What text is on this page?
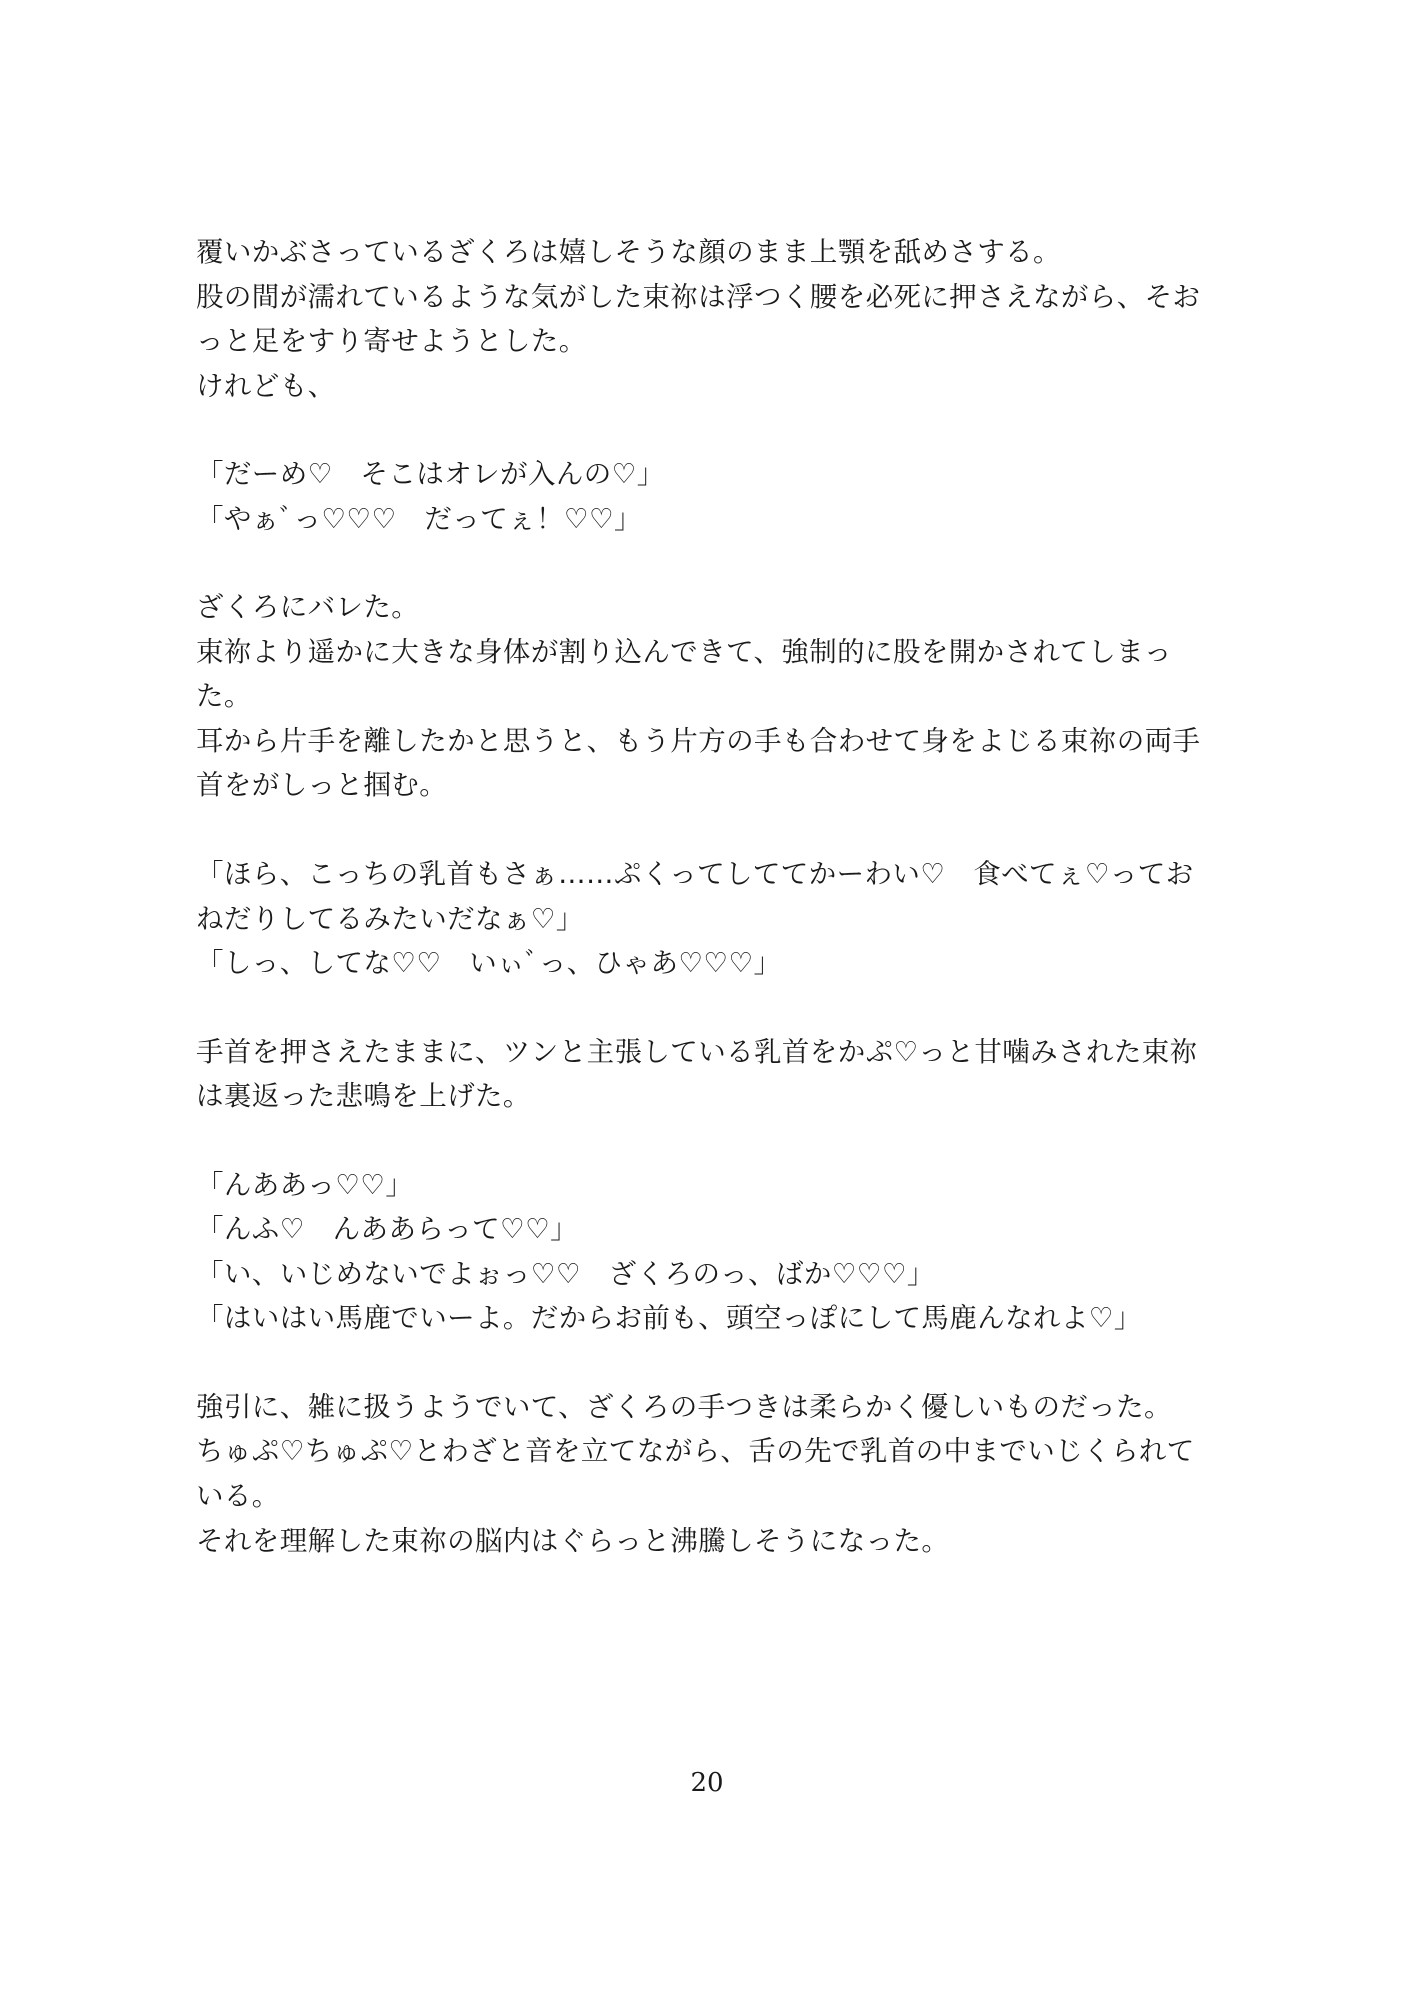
覆いかぶさっているざくろは嬉しそうな顔のまま上顎を舐めさする。

股の間が濡れているような気がした束祢は浮つく腰を必死に押さえながら、そおっと足をすり寄せようとした。

けれども、

「だーめ♡　そこはオレが入んの♡」

「やぁﾞっ♡♡♡　だってぇ！♡♡」

ざくろにバレた。

束祢より遥かに大きな身体が割り込んできて、強制的に股を開かされてしまった。

耳から片手を離したかと思うと、もう片方の手も合わせて身をよじる束祢の両手首をがしっと掴む。

「ほら、こっちの乳首もさぁ……ぷくってしててかーわい♡　食べてぇ♡っておねだりしてるみたいだなぁ♡」

「しっ、してな♡♡　いぃﾞっ、ひゃあ♡♡♡」

手首を押さえたままに、ツンと主張している乳首をかぷ♡っと甘噛みされた束祢は裏返った悲鳴を上げた。

「んああっ♡♡」

「んふ♡　んああらって♡♡」

「い、いじめないでよぉっ♡♡　ざくろのっ、ばか♡♡♡」

「はいはい馬鹿でいーよ。だからお前も、頭空っぽにして馬鹿んなれよ♡」

強引に、雑に扱うようでいて、ざくろの手つきは柔らかく優しいものだった。

ちゅぷ♡ちゅぷ♡とわざと音を立てながら、舌の先で乳首の中までいじくられている。

それを理解した束祢の脳内はぐらっと沸騰しそうになった。

20
